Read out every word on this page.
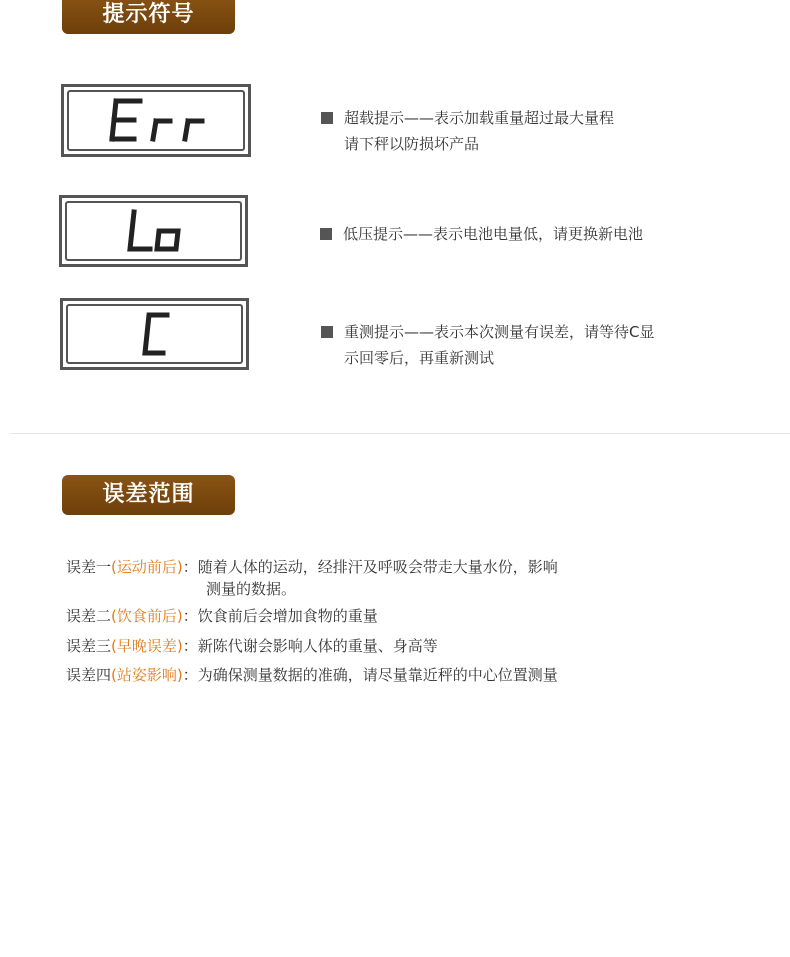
提示符号
超载提示——表示加载重量超过最大量程
请下秤以防损坏产品
低压提示——表示电池电量低，请更换新电池
重测提示——表示本次测量有误差，请等待C显
示回零后，再重新测试
误差范围
误差一(运动前后)：随着人体的运动，经排汗及呼吸会带走大量水份，影响
测量的数据。
误差二(饮食前后)：饮食前后会增加食物的重量
误差三(早晚误差)：新陈代谢会影响人体的重量、身高等
误差四(站姿影响)：为确保测量数据的准确，请尽量靠近秤的中心位置测量
